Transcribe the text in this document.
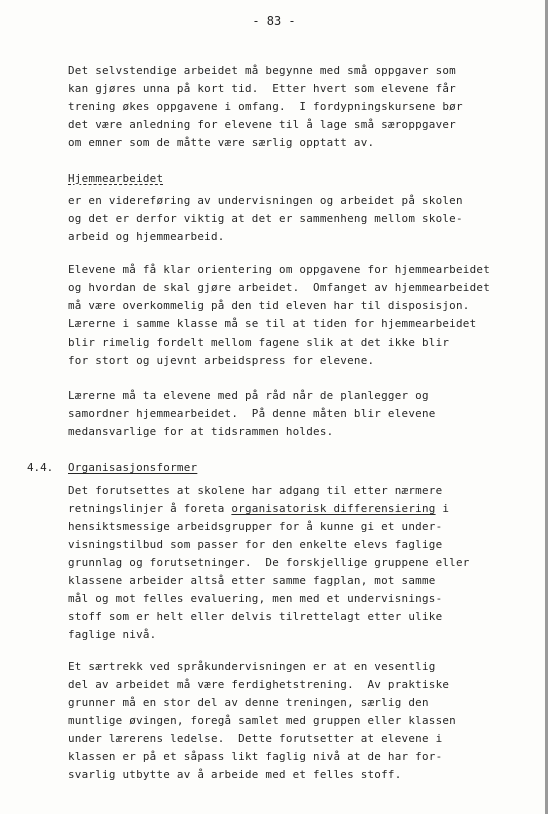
- 83 -
Det selvstendige arbeidet må begynne med små oppgaver som
kan gjøres unna på kort tid.  Etter hvert som elevene får
trening økes oppgavene i omfang.  I fordypningskursene bør
det være anledning for elevene til å lage små særoppgaver
om emner som de måtte være særlig opptatt av.
Hjemmearbeidet
er en videreføring av undervisningen og arbeidet på skolen
og det er derfor viktig at det er sammenheng mellom skole-
arbeid og hjemmearbeid.
Elevene må få klar orientering om oppgavene for hjemmearbeidet
og hvordan de skal gjøre arbeidet.  Omfanget av hjemmearbeidet
må være overkommelig på den tid eleven har til disposisjon.
Lærerne i samme klasse må se til at tiden for hjemmearbeidet
blir rimelig fordelt mellom fagene slik at det ikke blir
for stort og ujevnt arbeidspress for elevene.
Lærerne må ta elevene med på råd når de planlegger og
samordner hjemmearbeidet.  På denne måten blir elevene
medansvarlige for at tidsrammen holdes.
4.4. Organisasjonsformer
Det forutsettes at skolene har adgang til etter nærmere
retningslinjer å foreta organisatorisk differensiering i
hensiktsmessige arbeidsgrupper for å kunne gi et under-
visningstilbud som passer for den enkelte elevs faglige
grunnlag og forutsetninger.  De forskjellige gruppene eller
klassene arbeider altså etter samme fagplan, mot samme
mål og mot felles evaluering, men med et undervisnings-
stoff som er helt eller delvis tilrettelagt etter ulike
faglige nivå.
Et særtrekk ved språkundervisningen er at en vesentlig
del av arbeidet må være ferdighetstrening.  Av praktiske
grunner må en stor del av denne treningen, særlig den
muntlige øvingen, foregå samlet med gruppen eller klassen
under lærerens ledelse.  Dette forutsetter at elevene i
klassen er på et såpass likt faglig nivå at de har for-
svarlig utbytte av å arbeide med et felles stoff.
